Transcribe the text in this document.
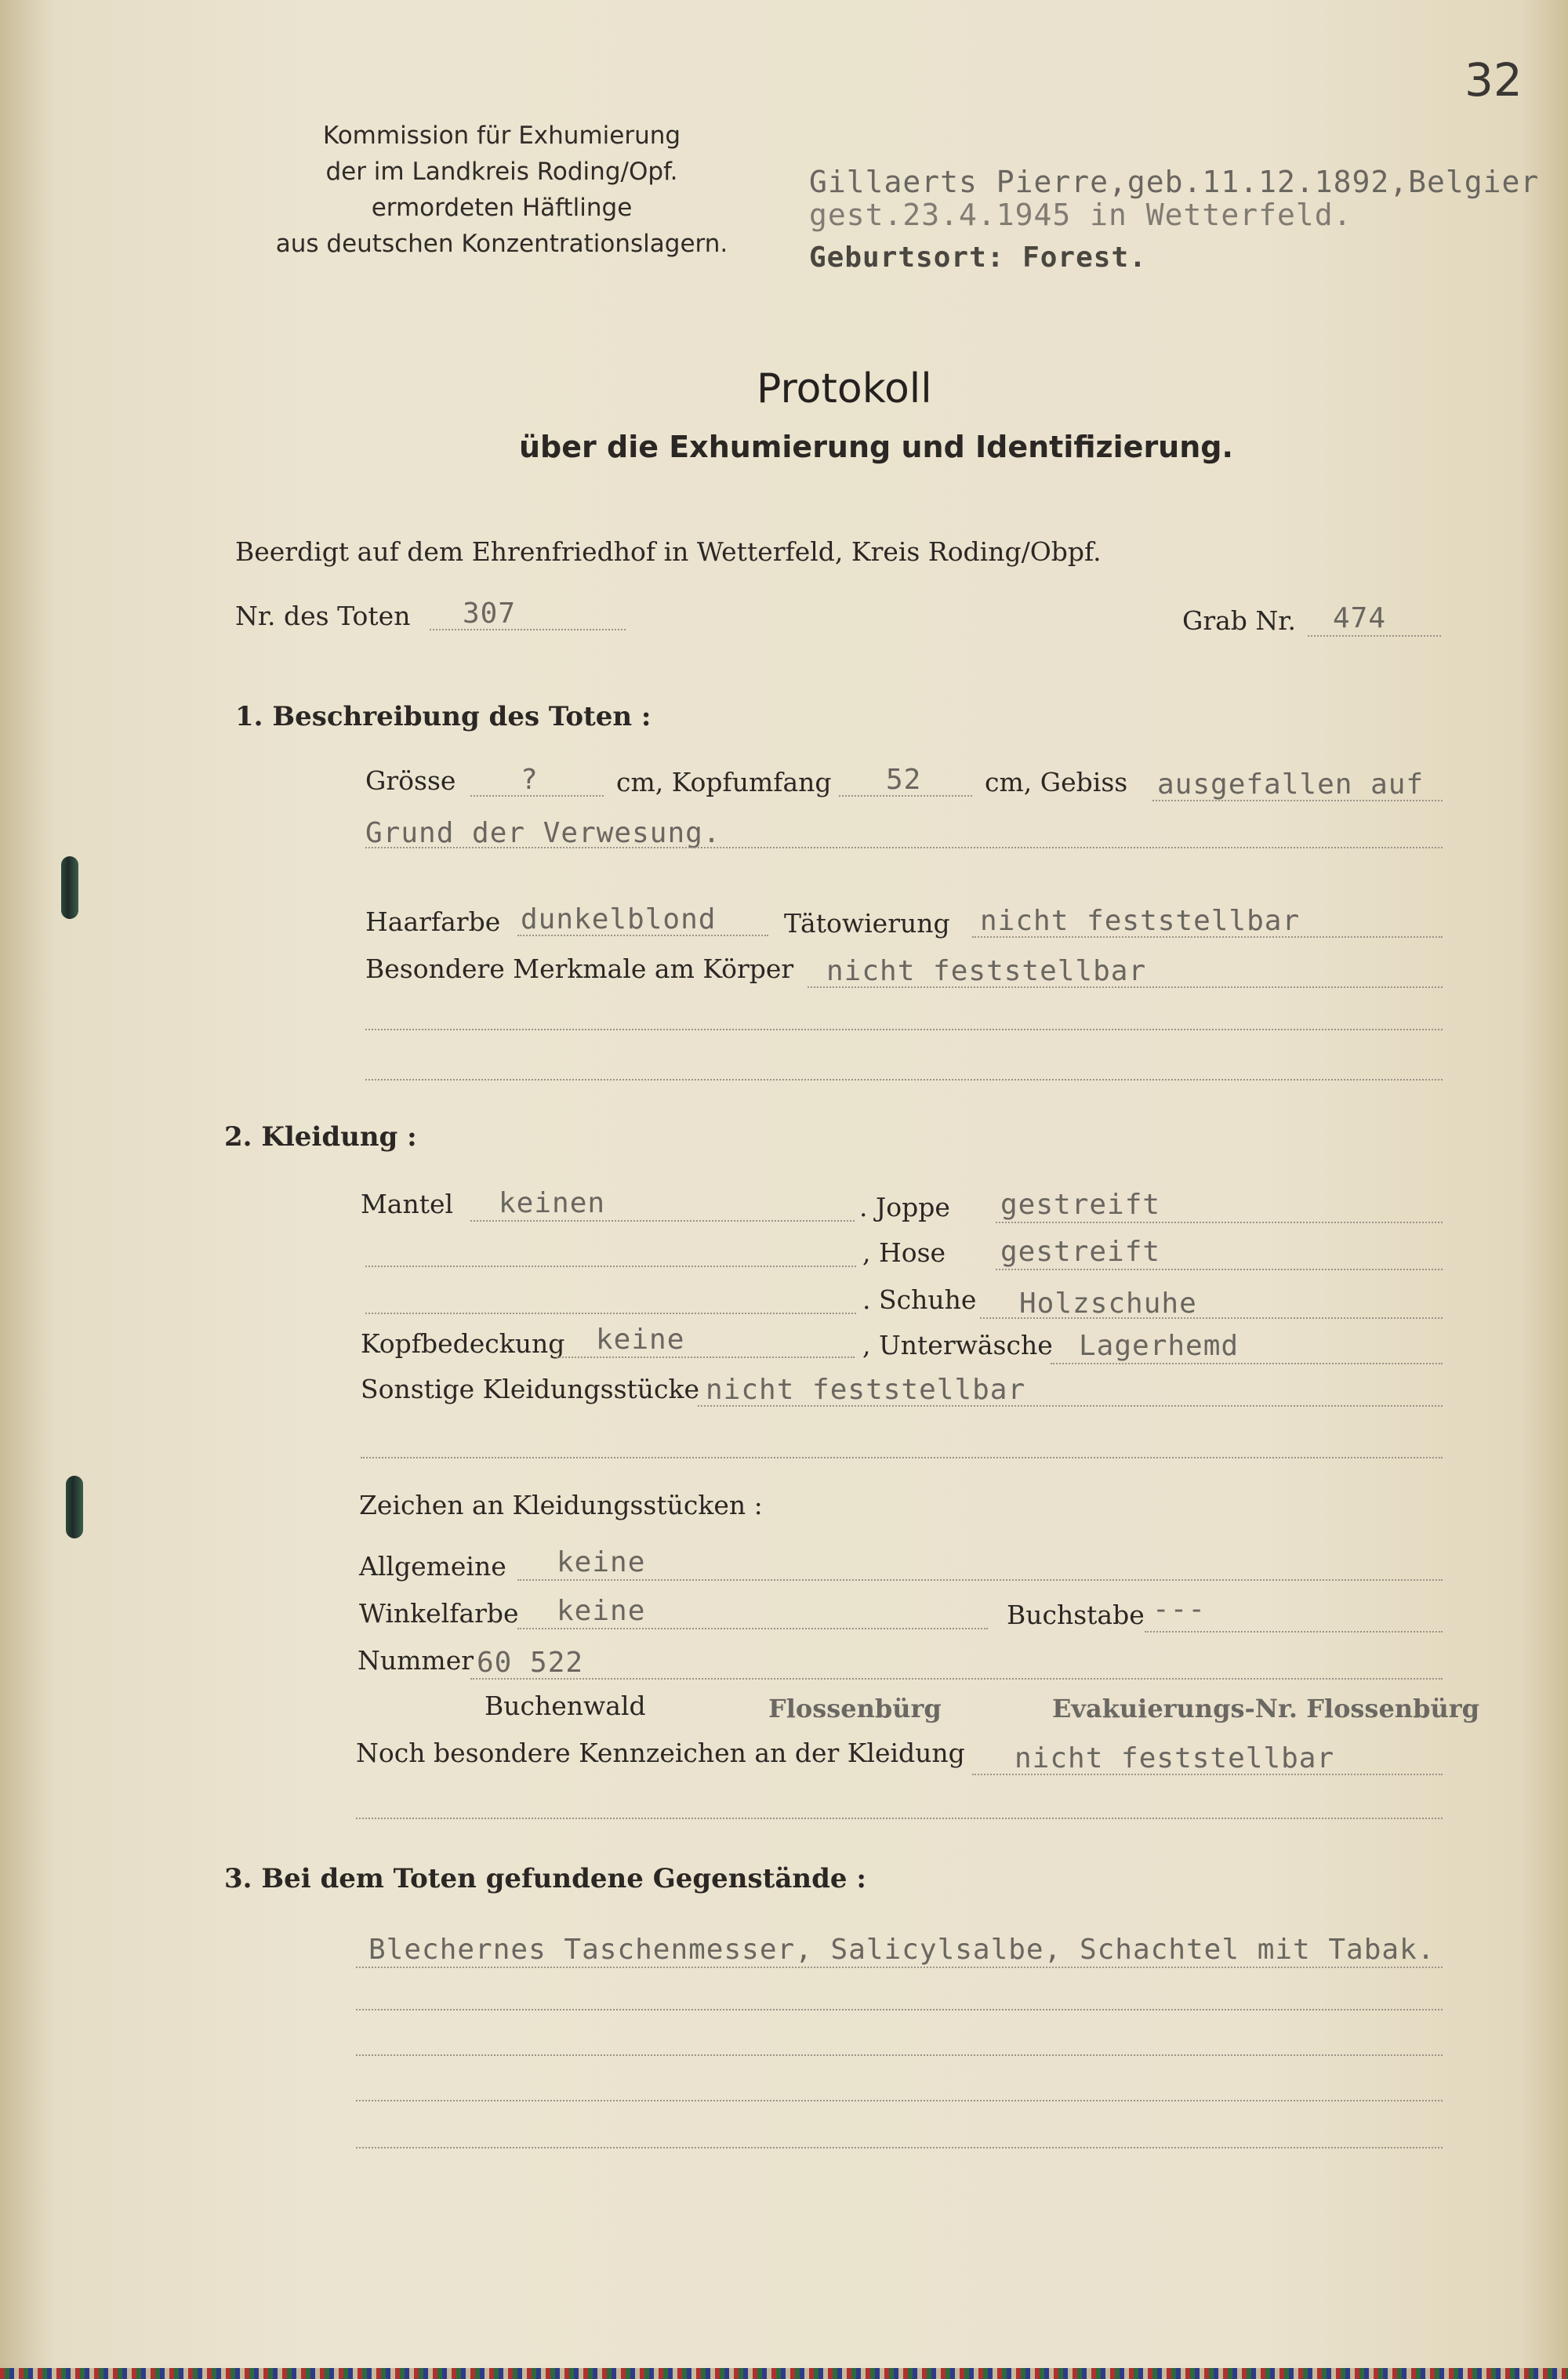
32
Kommission für Exhumierung
der im Landkreis Roding/Opf.
ermordeten Häftlinge
aus deutschen Konzentrationslagern.
Gillaerts Pierre,geb.11.12.1892,Belgier
gest.23.4.1945 in Wetterfeld.
Geburtsort: Forest.
Protokoll
über die Exhumierung und Identifizierung.
Beerdigt auf dem Ehrenfriedhof in Wetterfeld, Kreis Roding/Obpf.
Nr. des Toten 307	Grab Nr. 474
1. Beschreibung des Toten :
Grösse ?	cm, Kopfumfang 52 cm, Gebiss ausgefallen auf
Grund der Verwesung.
Haarfarbe dunkelblond	Tätowierung nicht feststellbar
Besondere Merkmale am Körper nicht feststellbar
2. Kleidung :
Mantel keinen	. Joppe gestreift
, Hose gestreift
. Schuhe Holzschuhe
Kopfbedeckung keine	, Unterwäsche Lagerhemd
Sonstige Kleidungsstücke nicht feststellbar
Zeichen an Kleidungsstücken :
Allgemeine keine
Winkelfarbe keine	Buchstabe ---
Nummer 60 522
Buchenwald	Flossenbürg	Evakuierungs-Nr. Flossenbürg
Noch besondere Kennzeichen an der Kleidung nicht feststellbar
3. Bei dem Toten gefundene Gegenstände :
Blechernes Taschenmesser, Salicylsalbe, Schachtel mit Tabak.
